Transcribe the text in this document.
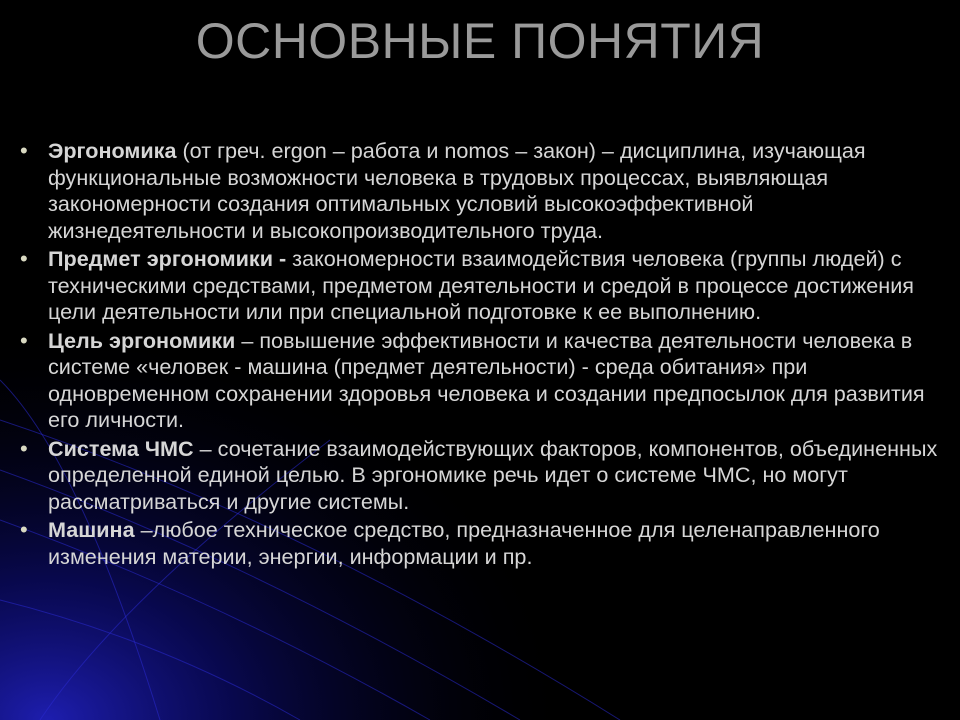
ОСНОВНЫЕ ПОНЯТИЯ
• Эргономика (от греч. ergon – работа и nomos – закон) – дисциплина, изучающая функциональные возможности человека в трудовых процессах, выявляющая закономерности создания оптимальных условий высокоэффективной жизнедеятельности и высокопроизводительного труда.
• Предмет эргономики - закономерности взаимодействия человека (группы людей) с техническими средствами, предметом деятельности и средой в процессе достижения цели деятельности или при специальной подготовке к ее выполнению.
• Цель эргономики – повышение эффективности и качества деятельности человека в системе «человек - машина (предмет деятельности) - среда обитания» при одновременном сохранении здоровья человека и создании предпосылок для развития его личности.
• Система ЧМС – сочетание взаимодействующих факторов, компонентов, объединенных определенной единой целью. В эргономике речь идет о системе ЧМС, но могут рассматриваться и другие системы.
• Машина –любое техническое средство, предназначенное для целенаправленного изменения материи, энергии, информации и пр.
